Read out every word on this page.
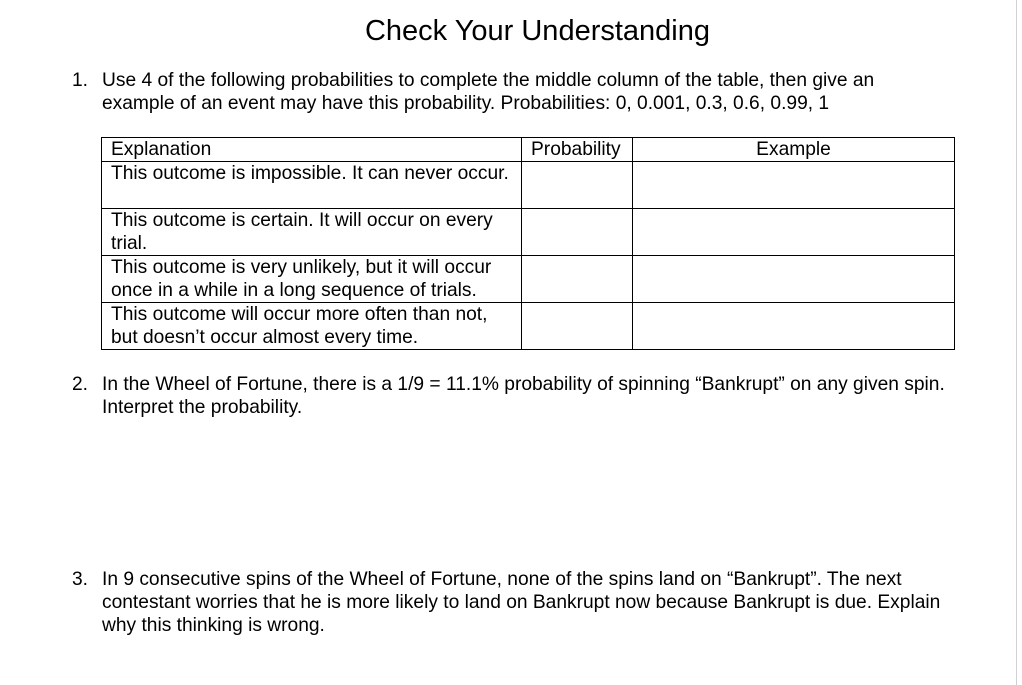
Check Your Understanding
1. Use 4 of the following probabilities to complete the middle column of the table, then give an example of an event may have this probability. Probabilities: 0, 0.001, 0.3, 0.6, 0.99, 1
Explanation	Probability	Example
This outcome is impossible. It can never occur.		
This outcome is certain. It will occur on every trial.		
This outcome is very unlikely, but it will occur once in a while in a long sequence of trials.		
This outcome will occur more often than not, but doesn’t occur almost every time.		
2. In the Wheel of Fortune, there is a 1/9 = 11.1% probability of spinning “Bankrupt” on any given spin. Interpret the probability.
3. In 9 consecutive spins of the Wheel of Fortune, none of the spins land on “Bankrupt”. The next contestant worries that he is more likely to land on Bankrupt now because Bankrupt is due. Explain why this thinking is wrong.
